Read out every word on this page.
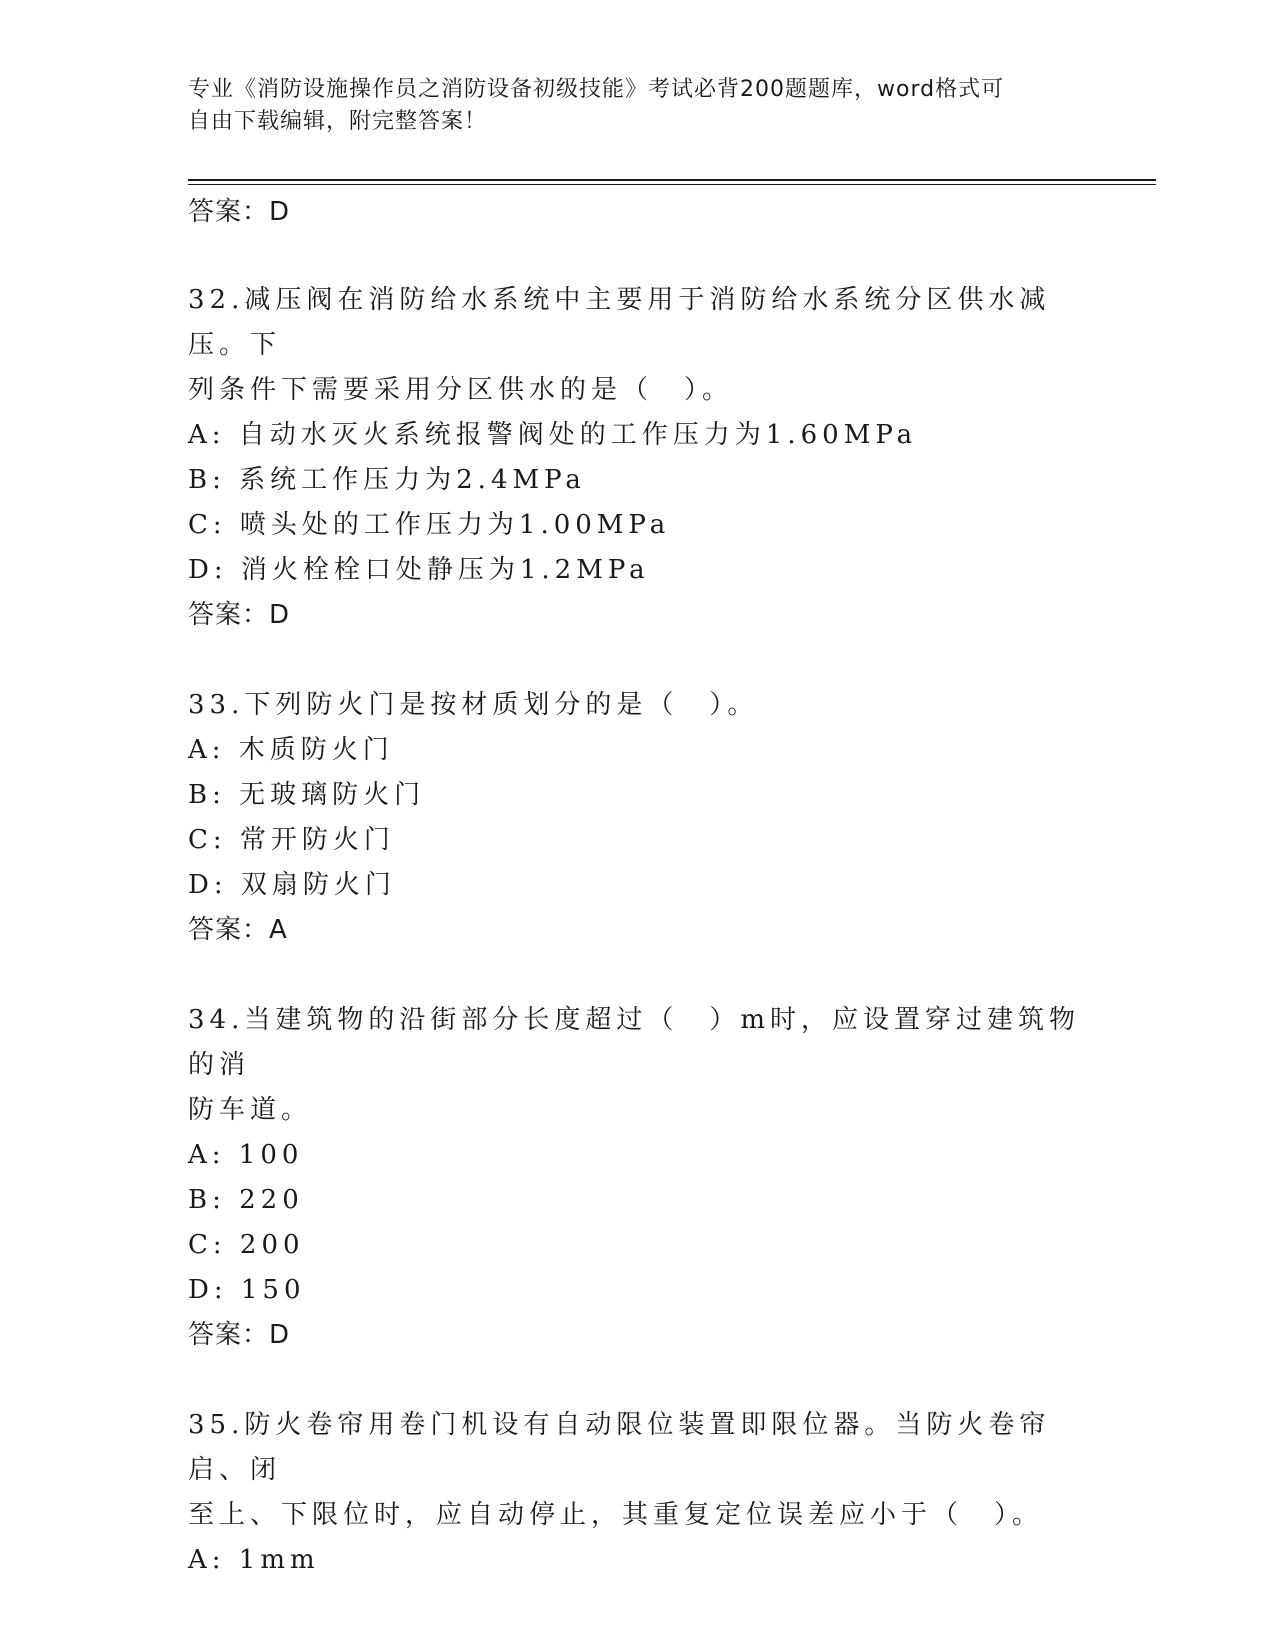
专业《消防设施操作员之消防设备初级技能》考试必背200题题库，word格式可
自由下载编辑，附完整答案！
答案：D
32.减压阀在消防给水系统中主要用于消防给水系统分区供水减压。下
列条件下需要采用分区供水的是（　）。
A: 自动水灭火系统报警阀处的工作压力为1.60MPa
B: 系统工作压力为2.4MPa
C: 喷头处的工作压力为1.00MPa
D: 消火栓栓口处静压为1.2MPa
答案：D
33.下列防火门是按材质划分的是（　）。
A: 木质防火门
B: 无玻璃防火门
C: 常开防火门
D: 双扇防火门
答案：A
34.当建筑物的沿街部分长度超过（　）m时，应设置穿过建筑物的消
防车道。
A: 100
B: 220
C: 200
D: 150
答案：D
35.防火卷帘用卷门机设有自动限位装置即限位器。当防火卷帘启、闭
至上、下限位时，应自动停止，其重复定位误差应小于（　）。
A: 1mm
